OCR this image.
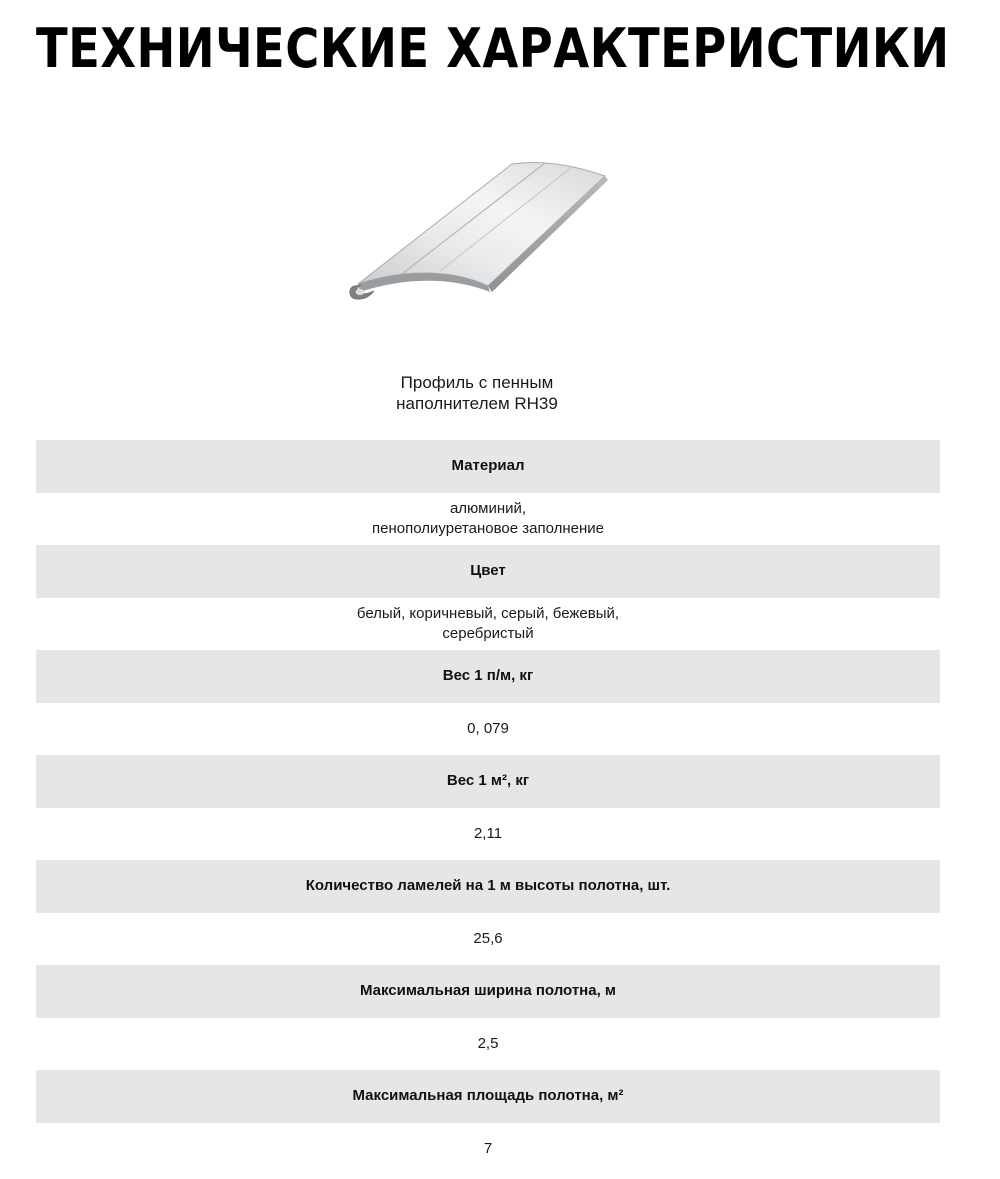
ТЕХНИЧЕСКИЕ ХАРАКТЕРИСТИКИ
Профиль с пенным
наполнителем RH39
Материал
алюминий,
пенополиуретановое заполнение
Цвет
белый, коричневый, серый, бежевый,
серебристый
Вес 1 п/м, кг
0, 079
Вес 1 м², кг
2,11
Количество ламелей на 1 м высоты полотна, шт.
25,6
Максимальная ширина полотна, м
2,5
Максимальная площадь полотна, м²
7
